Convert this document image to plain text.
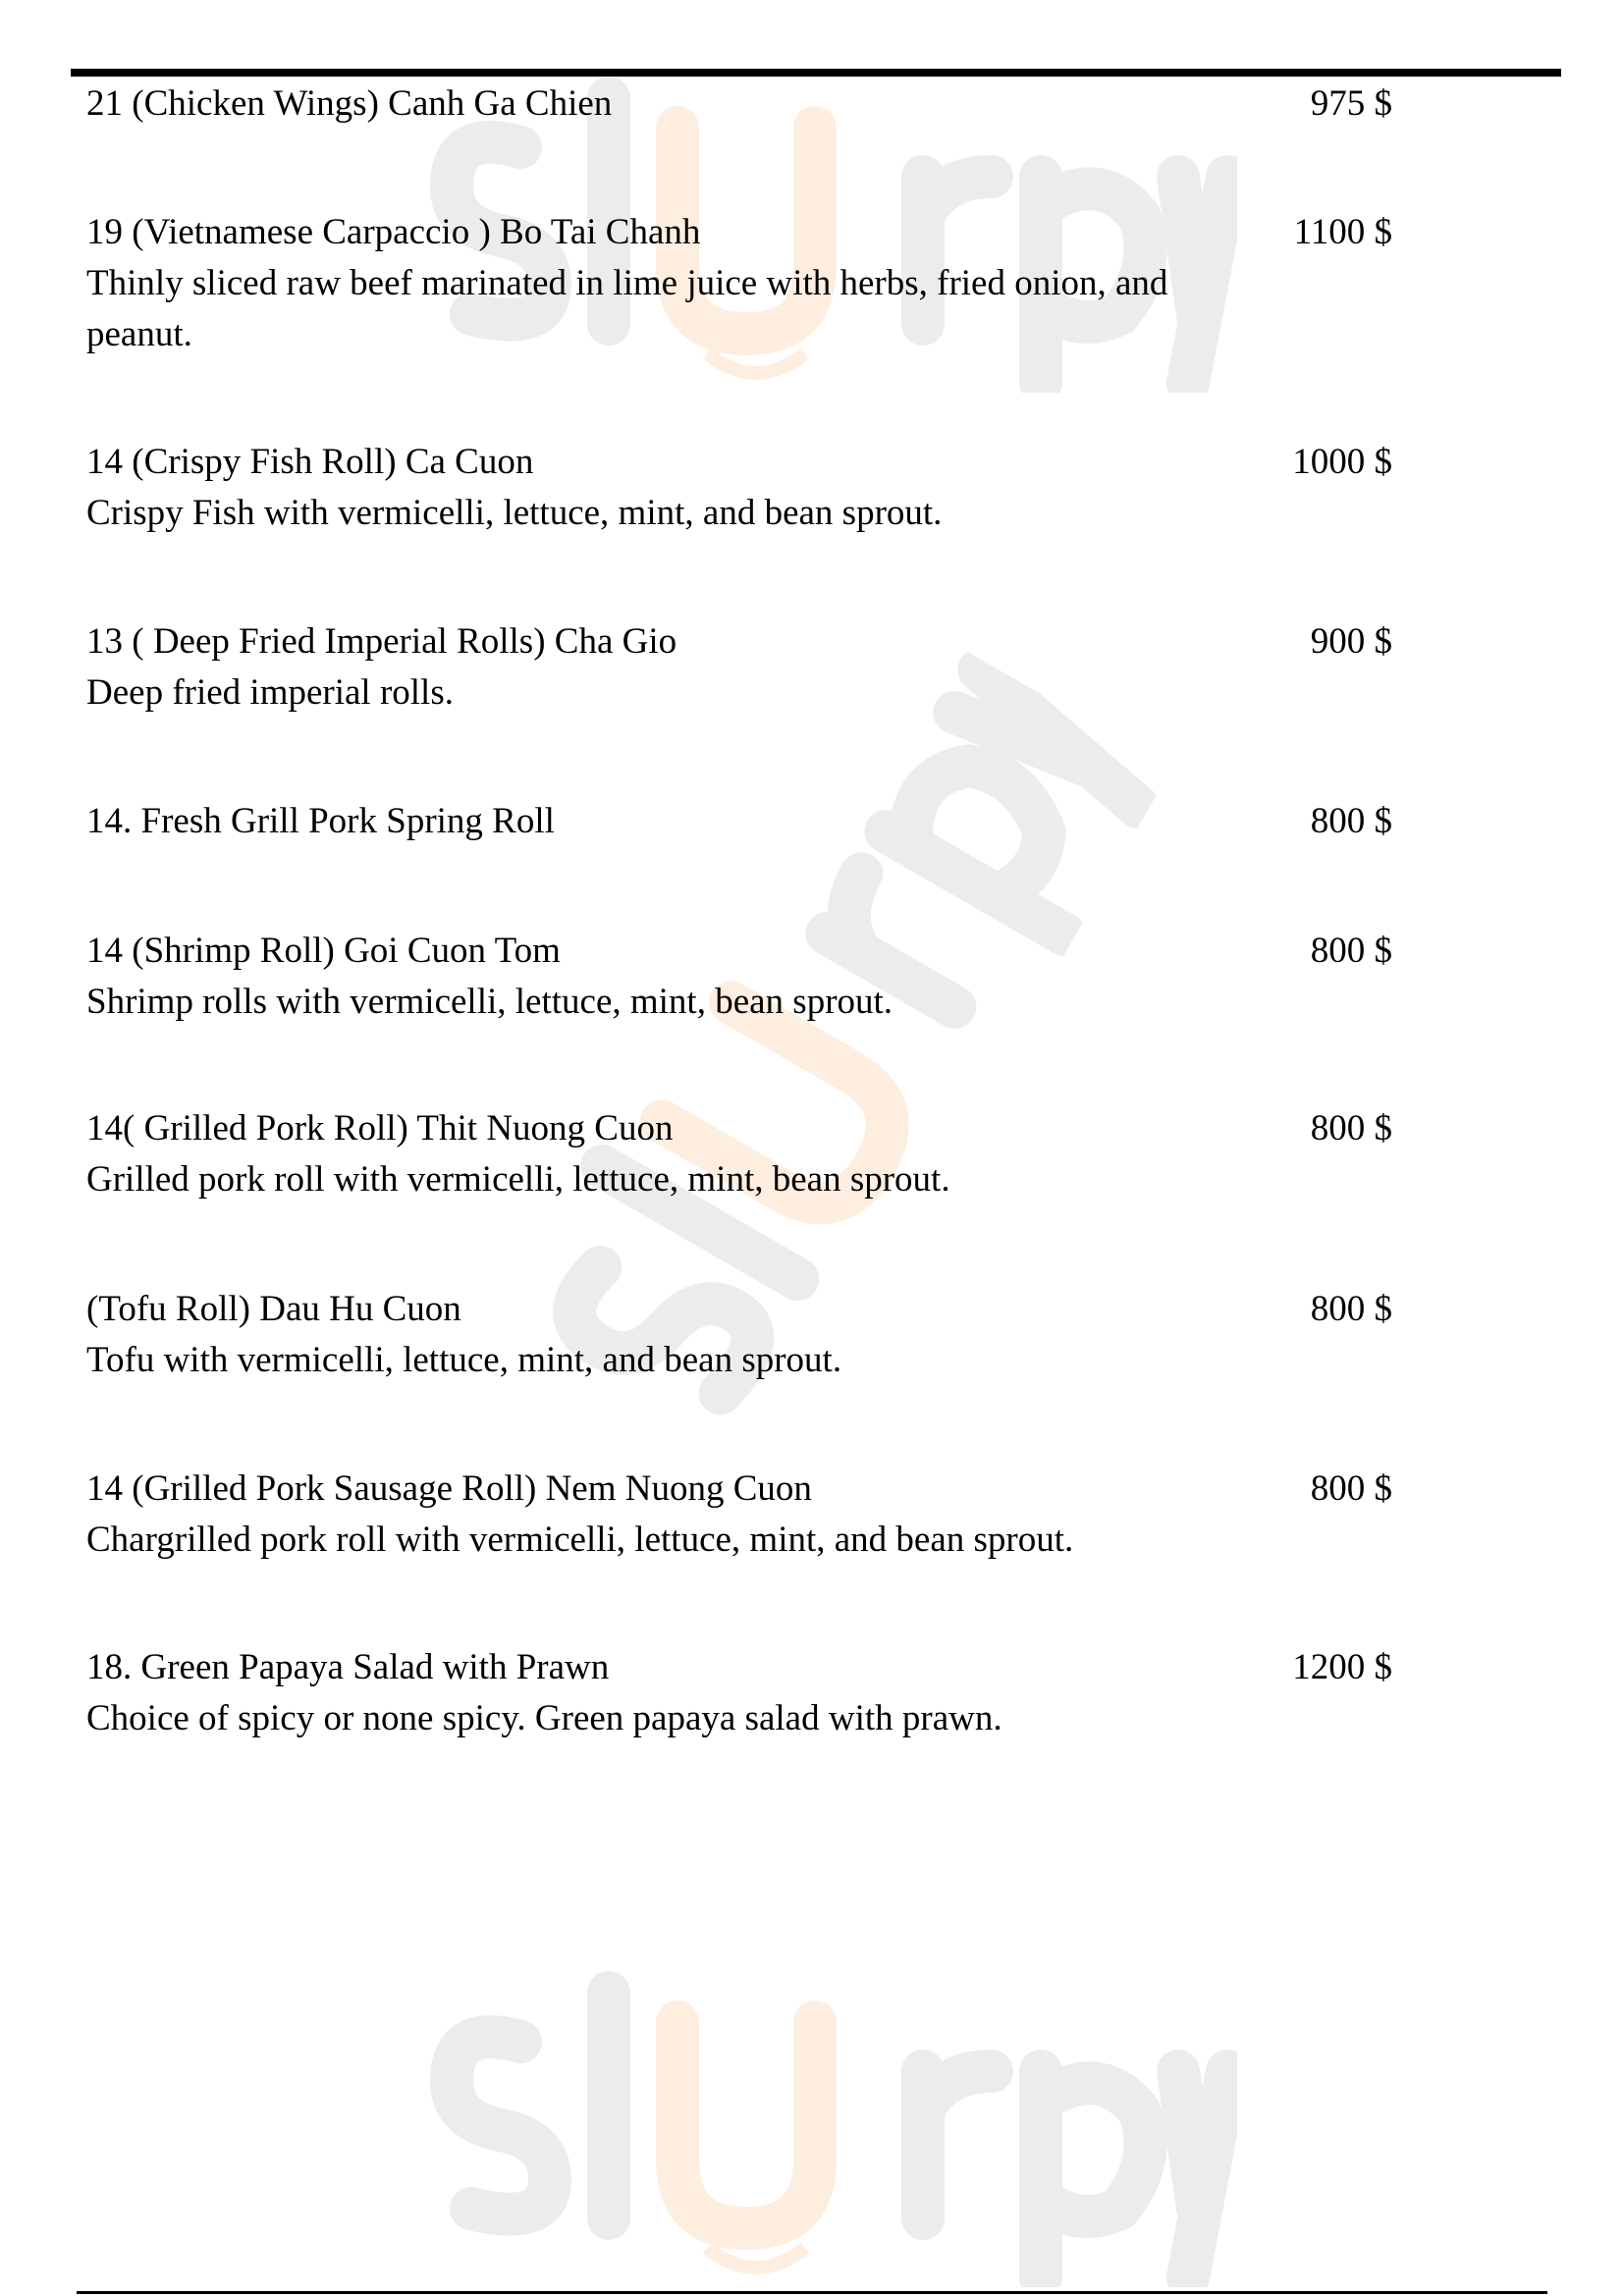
21 (Chicken Wings) Canh Ga Chien	975 $
19 (Vietnamese Carpaccio ) Bo Tai Chanh	1100 $
Thinly sliced raw beef marinated in lime juice with herbs, fried onion, and peanut.
14 (Crispy Fish Roll) Ca Cuon	1000 $
Crispy Fish with vermicelli, lettuce, mint, and bean sprout.
13 ( Deep Fried Imperial Rolls) Cha Gio	900 $
Deep fried imperial rolls.
14. Fresh Grill Pork Spring Roll	800 $
14 (Shrimp Roll) Goi Cuon Tom	800 $
Shrimp rolls with vermicelli, lettuce, mint, bean sprout.
14( Grilled Pork Roll) Thit Nuong Cuon	800 $
Grilled pork roll with vermicelli, lettuce, mint, bean sprout.
(Tofu Roll) Dau Hu Cuon	800 $
Tofu with vermicelli, lettuce, mint, and bean sprout.
14 (Grilled Pork Sausage Roll) Nem Nuong Cuon	800 $
Chargrilled pork roll with vermicelli, lettuce, mint, and bean sprout.
18. Green Papaya Salad with Prawn	1200 $
Choice of spicy or none spicy. Green papaya salad with prawn.
